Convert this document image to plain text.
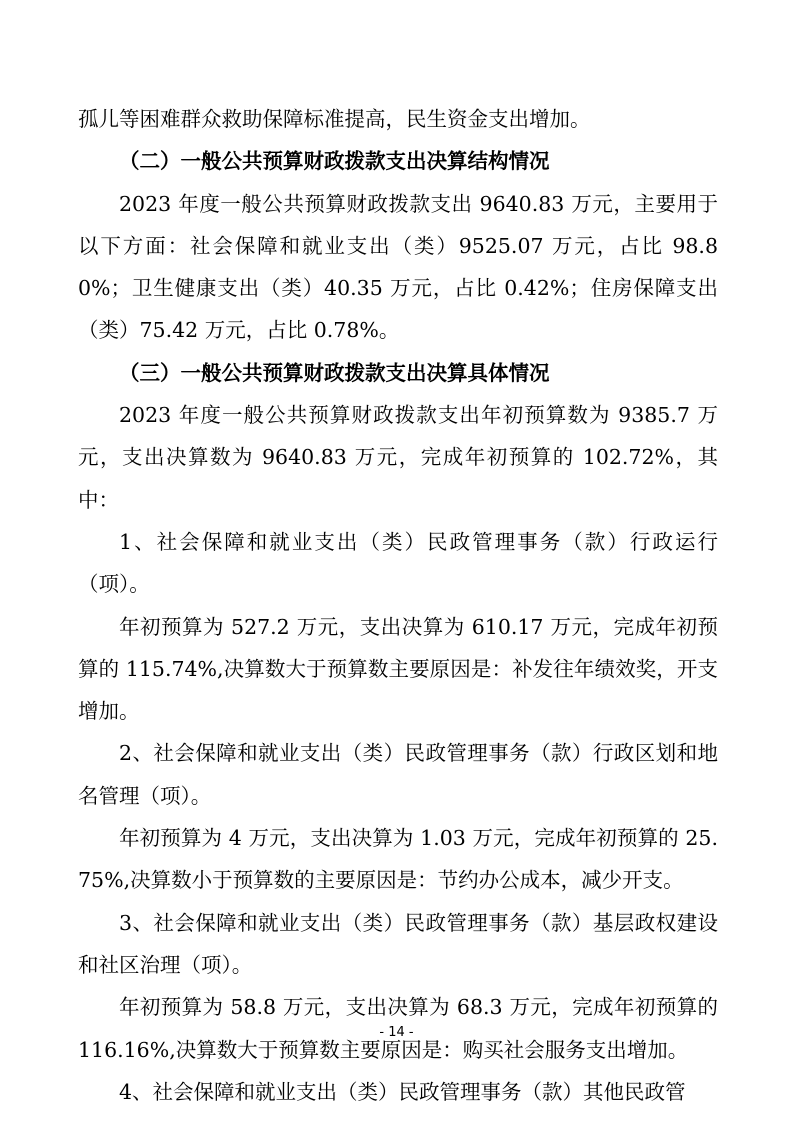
孤儿等困难群众救助保障标准提高，民生资金支出增加。

（二）一般公共预算财政拨款支出决算结构情况

2023 年度一般公共预算财政拨款支出 9640.83 万元，主要用于以下方面：社会保障和就业支出（类）9525.07 万元，占比 98.80%；卫生健康支出（类）40.35 万元，占比 0.42%；住房保障支出（类）75.42 万元，占比 0.78%。

（三）一般公共预算财政拨款支出决算具体情况

2023 年度一般公共预算财政拨款支出年初预算数为 9385.7 万元，支出决算数为 9640.83 万元，完成年初预算的 102.72%，其中：

1、社会保障和就业支出（类）民政管理事务（款）行政运行（项）。

年初预算为 527.2 万元，支出决算为 610.17 万元，完成年初预算的 115.74%,决算数大于预算数主要原因是：补发往年绩效奖，开支增加。

2、社会保障和就业支出（类）民政管理事务（款）行政区划和地名管理（项）。

年初预算为 4 万元，支出决算为 1.03 万元，完成年初预算的 25.75%,决算数小于预算数的主要原因是：节约办公成本，减少开支。

3、社会保障和就业支出（类）民政管理事务（款）基层政权建设和社区治理（项）。

年初预算为 58.8 万元，支出决算为 68.3 万元，完成年初预算的 116.16%,决算数大于预算数主要原因是：购买社会服务支出增加。

4、社会保障和就业支出（类）民政管理事务（款）其他民政管

- 14 -
